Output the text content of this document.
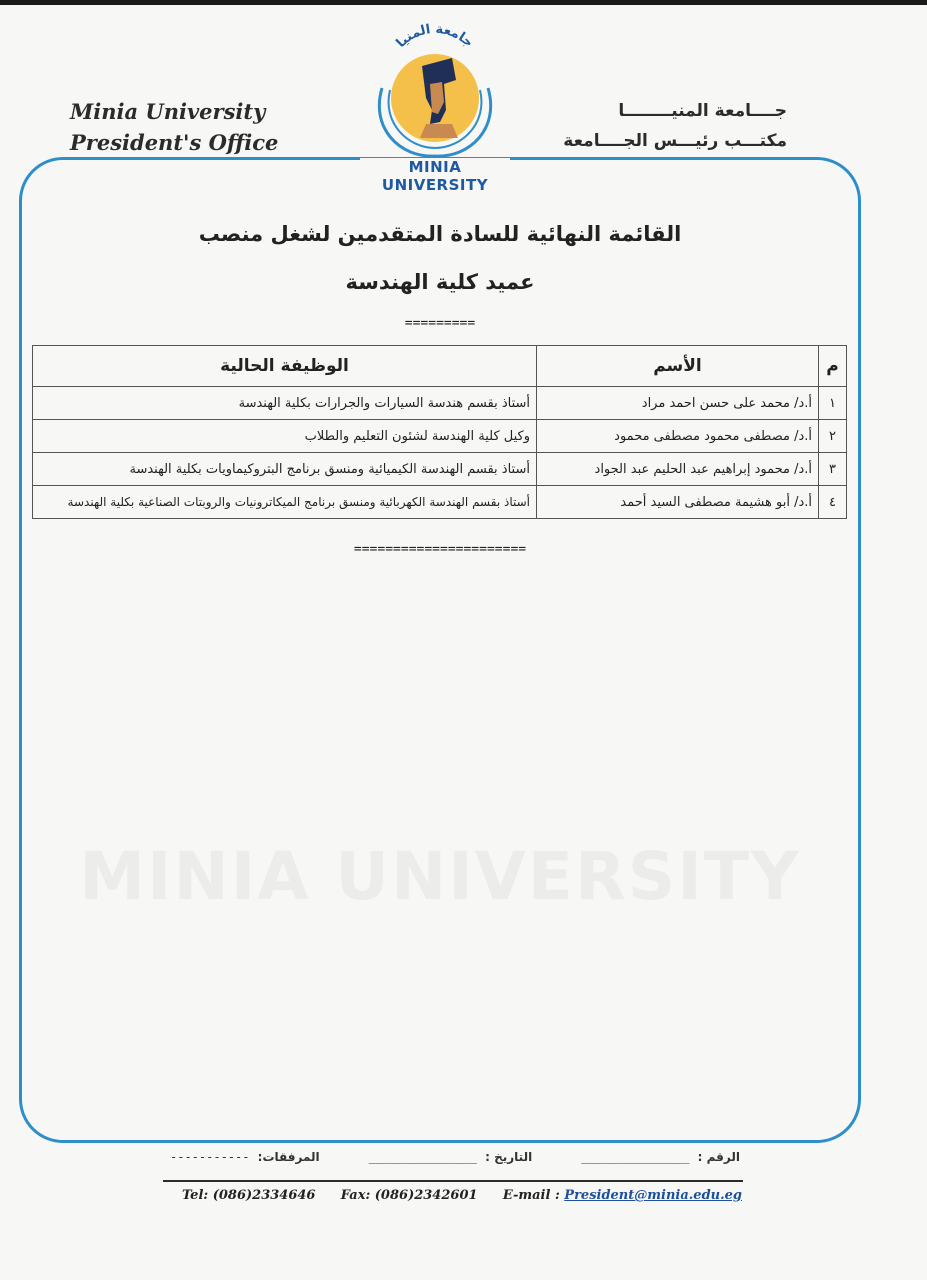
Minia University
President's Office
جــــامعة المنيــــــــا
مكتـــب رئيـــس الجــــامعة
جامعة المنيا
MINIA UNIVERSITY
القائمة النهائية للسادة المتقدمين لشغل منصب
عميد كلية الهندسة
=========
MINIA UNIVERSITY
م	الأسم	الوظيفة الحالية
١	أ.د/ محمد على حسن احمد مراد	أستاذ بقسم هندسة السيارات والجرارات بكلية الهندسة
٢	أ.د/ مصطفى محمود مصطفى محمود	وكيل كلية الهندسة لشئون التعليم والطلاب
٣	أ.د/ محمود إبراهيم عبد الحليم عبد الجواد	أستاذ بقسم الهندسة الكيميائية ومنسق برنامج البتروكيماويات بكلية الهندسة
٤	أ.د/ أبو هشيمة مصطفى السيد أحمد	أستاذ بقسم الهندسة الكهربائية ومنسق برنامج الميكاترونيات والروبتات الصناعية بكلية الهندسة
======================
الرقم : _______________
التاريخ : _______________
المرفقات: -----------
Tel: (086)2334646 Fax: (086)2342601 E-mail : President@minia.edu.eg
